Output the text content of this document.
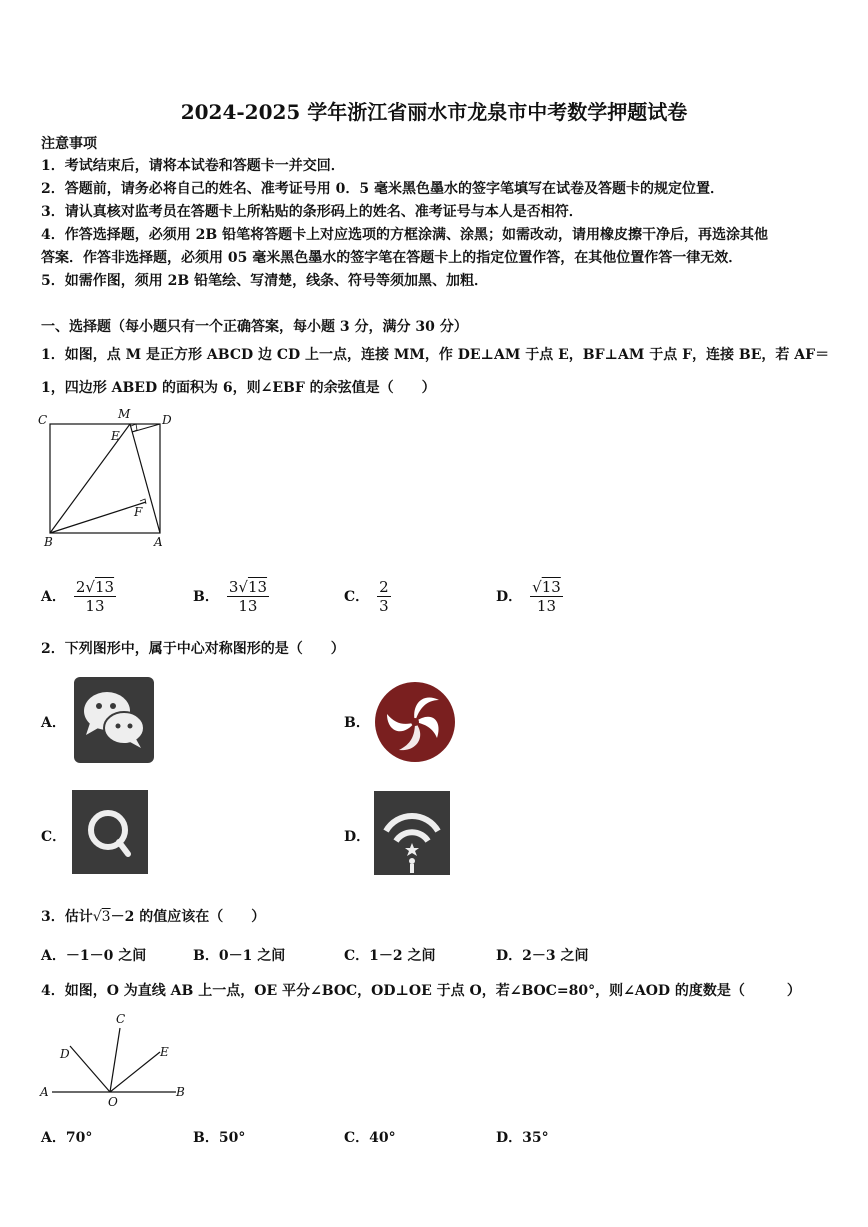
2024-2025 学年浙江省丽水市龙泉市中考数学押题试卷
注意事项
1．考试结束后，请将本试卷和答题卡一并交回．
2．答题前，请务必将自己的姓名、准考证号用 0．5 毫米黑色墨水的签字笔填写在试卷及答题卡的规定位置．
3．请认真核对监考员在答题卡上所粘贴的条形码上的姓名、准考证号与本人是否相符．
4．作答选择题，必须用 2B 铅笔将答题卡上对应选项的方框涂满、涂黑；如需改动，请用橡皮擦干净后，再选涂其他
答案．作答非选择题，必须用 05 毫米黑色墨水的签字笔在答题卡上的指定位置作答，在其他位置作答一律无效．
5．如需作图，须用 2B 铅笔绘、写清楚，线条、符号等须加黑、加粗．
一、选择题（每小题只有一个正确答案，每小题 3 分，满分 30 分）
1．如图，点 M 是正方形 ABCD 边 CD 上一点，连接 MM，作 DE⊥AM 于点 E，BF⊥AM 于点 F，连接 BE，若 AF＝
1，四边形 ABED 的面积为 6，则∠EBF 的余弦值是（　　）
C	M	D
E
F
B	A
A． $\frac{2√13}{13}$	B． $\frac{3√13}{13}$	C． $\frac{2}{3}$	D． $\frac{√13}{13}$
2．下列图形中，属于中心对称图形的是（　　）
A．	B．
C．	D．
3．估计√3－2 的值应该在（　　）
A．－1－0 之间	B．0－1 之间	C．1－2 之间	D．2－3 之间
4．如图，O 为直线 AB 上一点，OE 平分∠BOC，OD⊥OE 于点 O，若∠BOC=80°，则∠AOD 的度数是（　　　）
C
D	E
A
O
B
A．70°	B．50°	C．40°	D．35°
